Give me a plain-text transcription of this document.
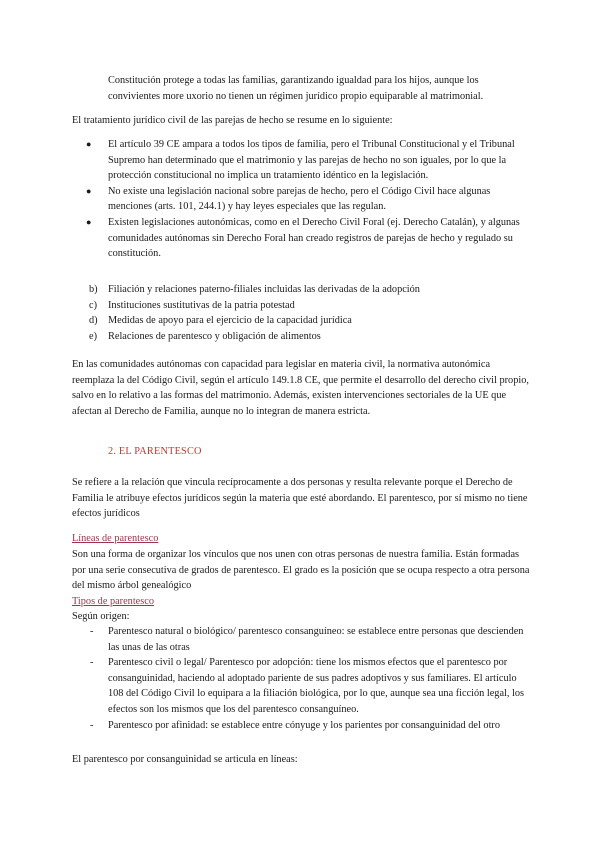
Constitución protege a todas las familias, garantizando igualdad para los hijos, aunque los convivientes more uxorio no tienen un régimen jurídico propio equiparable al matrimonial.

El tratamiento jurídico civil de las parejas de hecho se resume en lo siguiente:

● El artículo 39 CE ampara a todos los tipos de familia, pero el Tribunal Constitucional y el Tribunal Supremo han determinado que el matrimonio y las parejas de hecho no son iguales, por lo que la protección constitucional no implica un tratamiento idéntico en la legislación.
● No existe una legislación nacional sobre parejas de hecho, pero el Código Civil hace algunas menciones (arts. 101, 244.1) y hay leyes especiales que las regulan.
● Existen legislaciones autonómicas, como en el Derecho Civil Foral (ej. Derecho Catalán), y algunas comunidades autónomas sin Derecho Foral han creado registros de parejas de hecho y regulado su constitución.
b) Filiación y relaciones paterno-filiales incluidas las derivadas de la adopción
c) Instituciones sustitutivas de la patria potestad
d) Medidas de apoyo para el ejercicio de la capacidad jurídica
e) Relaciones de parentesco y obligación de alimentos

En las comunidades autónomas con capacidad para legislar en materia civil, la normativa autonómica reemplaza la del Código Civil, según el artículo 149.1.8 CE, que permite el desarrollo del derecho civil propio, salvo en lo relativo a las formas del matrimonio. Además, existen intervenciones sectoriales de la UE que afectan al Derecho de Familia, aunque no lo integran de manera estricta.

2. EL PARENTESCO

Se refiere a la relación que vincula recíprocamente a dos personas y resulta relevante porque el Derecho de Familia le atribuye efectos jurídicos según la materia que esté abordando. El parentesco, por sí mismo no tiene efectos jurídicos

Líneas de parentesco

Son una forma de organizar los vínculos que nos unen con otras personas de nuestra familia. Están formadas por una serie consecutiva de grados de parentesco. El grado es la posición que se ocupa respecto a otra persona del mismo árbol genealógico

Tipos de parentesco

Según origen:

- Parentesco natural o biológico/ parentesco consanguíneo: se establece entre personas que descienden las unas de las otras
- Parentesco civil o legal/ Parentesco por adopción: tiene los mismos efectos que el parentesco por consanguinidad, haciendo al adoptado pariente de sus padres adoptivos y sus familiares. El artículo 108 del Código Civil lo equipara a la filiación biológica, por lo que, aunque sea una ficción legal, los efectos son los mismos que los del parentesco consanguíneo.
- Parentesco por afinidad: se establece entre cónyuge y los parientes por consanguinidad del otro

El parentesco por consanguinidad se articula en líneas:
